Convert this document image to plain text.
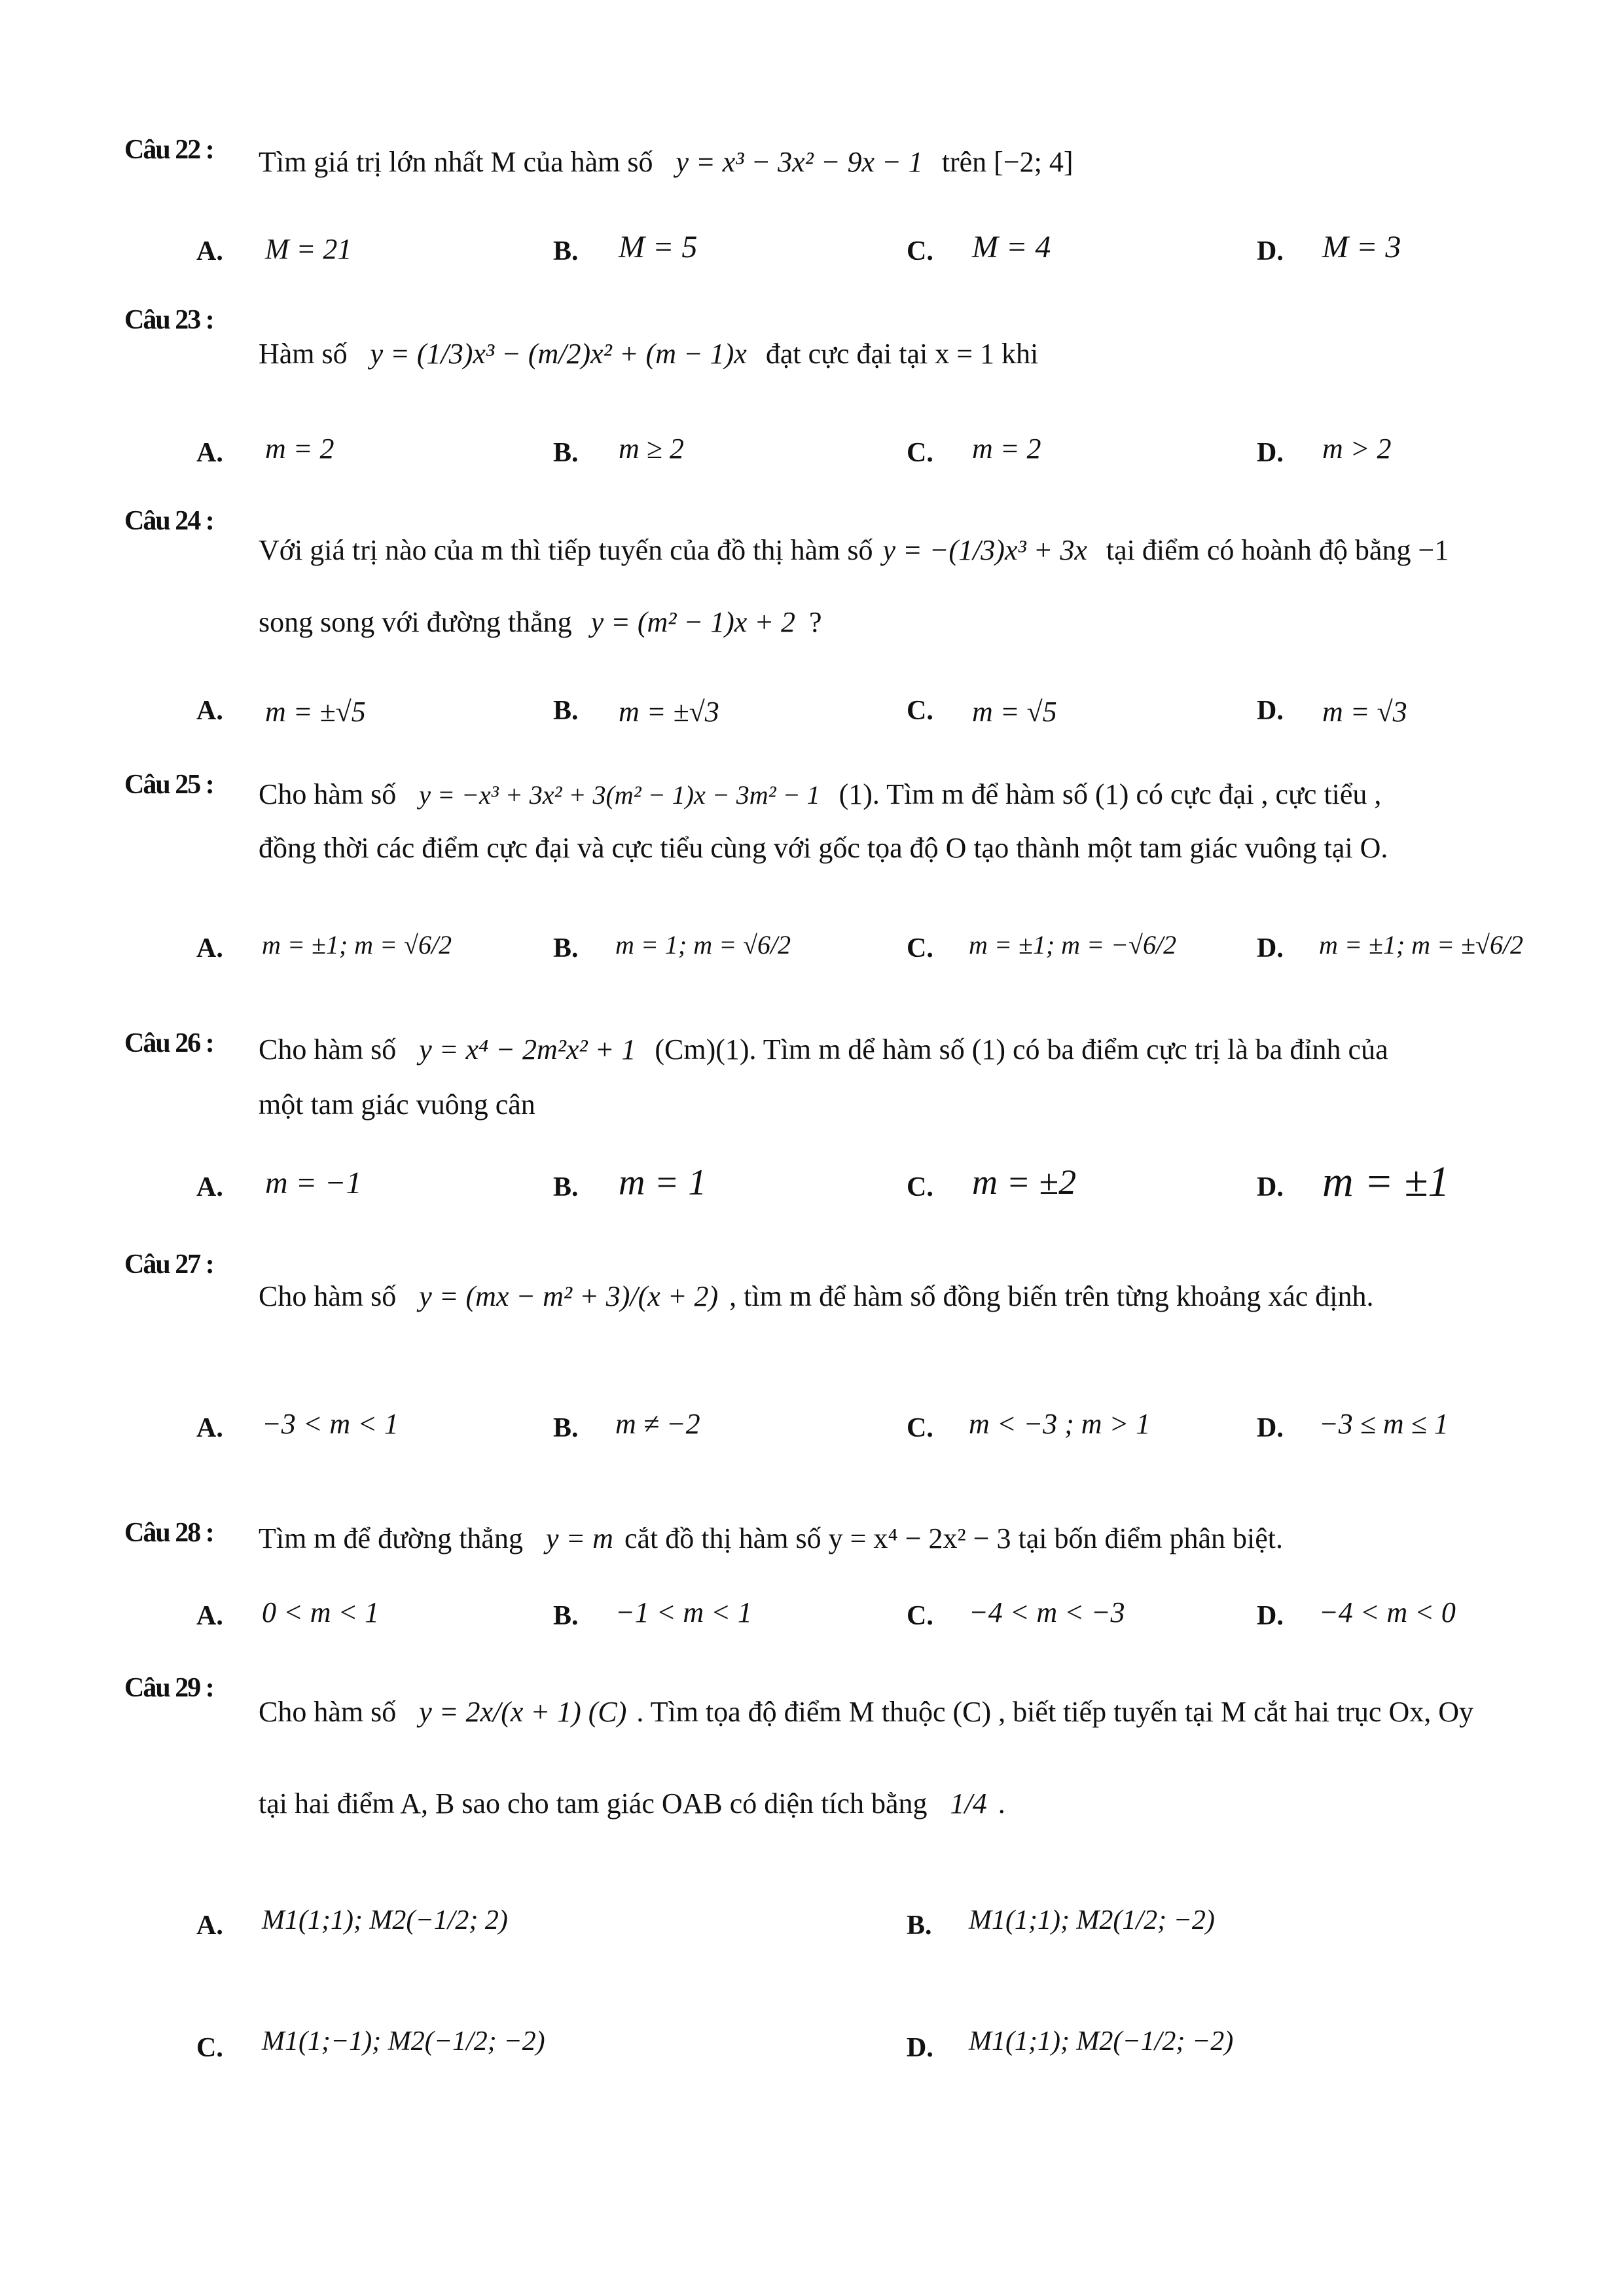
Câu 22 : Tìm giá trị lớn nhất M của hàm số y = x³ − 3x² − 9x − 1 trên [−2; 4]
A. M = 21	B. M = 5	C. M = 4	D. M = 3
Câu 23 :
Hàm số y = (1/3)x³ − (m/2)x² + (m − 1)x đạt cực đại tại x = 1 khi
A. m = 2	B. m ≥ 2	C. m = 2	D. m > 2
Câu 24 :
Với giá trị nào của m thì tiếp tuyến của đồ thị hàm số y = −(1/3)x³ + 3x tại điểm có hoành độ bằng −1
song song với đường thẳng y = (m² − 1)x + 2 ?
A. m = ±√5	B. m = ±√3	C. m = √5	D. m = √3
Câu 25 : Cho hàm số y = −x³ + 3x² + 3(m² − 1)x − 3m² − 1 (1). Tìm m để hàm số (1) có cực đại , cực tiểu ,
đồng thời các điểm cực đại và cực tiểu cùng với gốc tọa độ O tạo thành một tam giác vuông tại O.
A. m = ±1; m = √6/2	B. m = 1; m = √6/2	C. m = ±1; m = −√6/2	D. m = ±1; m = ±√6/2
Câu 26 : Cho hàm số y = x⁴ − 2m²x² + 1 (Cm)(1). Tìm m dể hàm số (1) có ba điểm cực trị là ba đỉnh của
một tam giác vuông cân
A. m = −1	B. m = 1	C. m = ±2	D. m = ±1
Câu 27 :
Cho hàm số y = (mx − m² + 3)/(x + 2) , tìm m để hàm số đồng biến trên từng khoảng xác định.
A. −3 < m < 1	B. m ≠ −2	C. m < −3 ; m > 1	D. −3 ≤ m ≤ 1
Câu 28 : Tìm m để đường thẳng y = m cắt đồ thị hàm số y = x⁴ − 2x² − 3 tại bốn điểm phân biệt.
A. 0 < m < 1	B. −1 < m < 1	C. −4 < m < −3	D. −4 < m < 0
Câu 29 :
Cho hàm số y = 2x/(x + 1) (C) . Tìm tọa độ điểm M thuộc (C) , biết tiếp tuyến tại M cắt hai trục Ox, Oy
tại hai điểm A, B sao cho tam giác OAB có diện tích bằng 1/4 .
A. M1(1;1); M2(−1/2; 2)	B. M1(1;1); M2(1/2; −2)
C. M1(1;−1); M2(−1/2; −2)	D. M1(1;1); M2(−1/2; −2)
